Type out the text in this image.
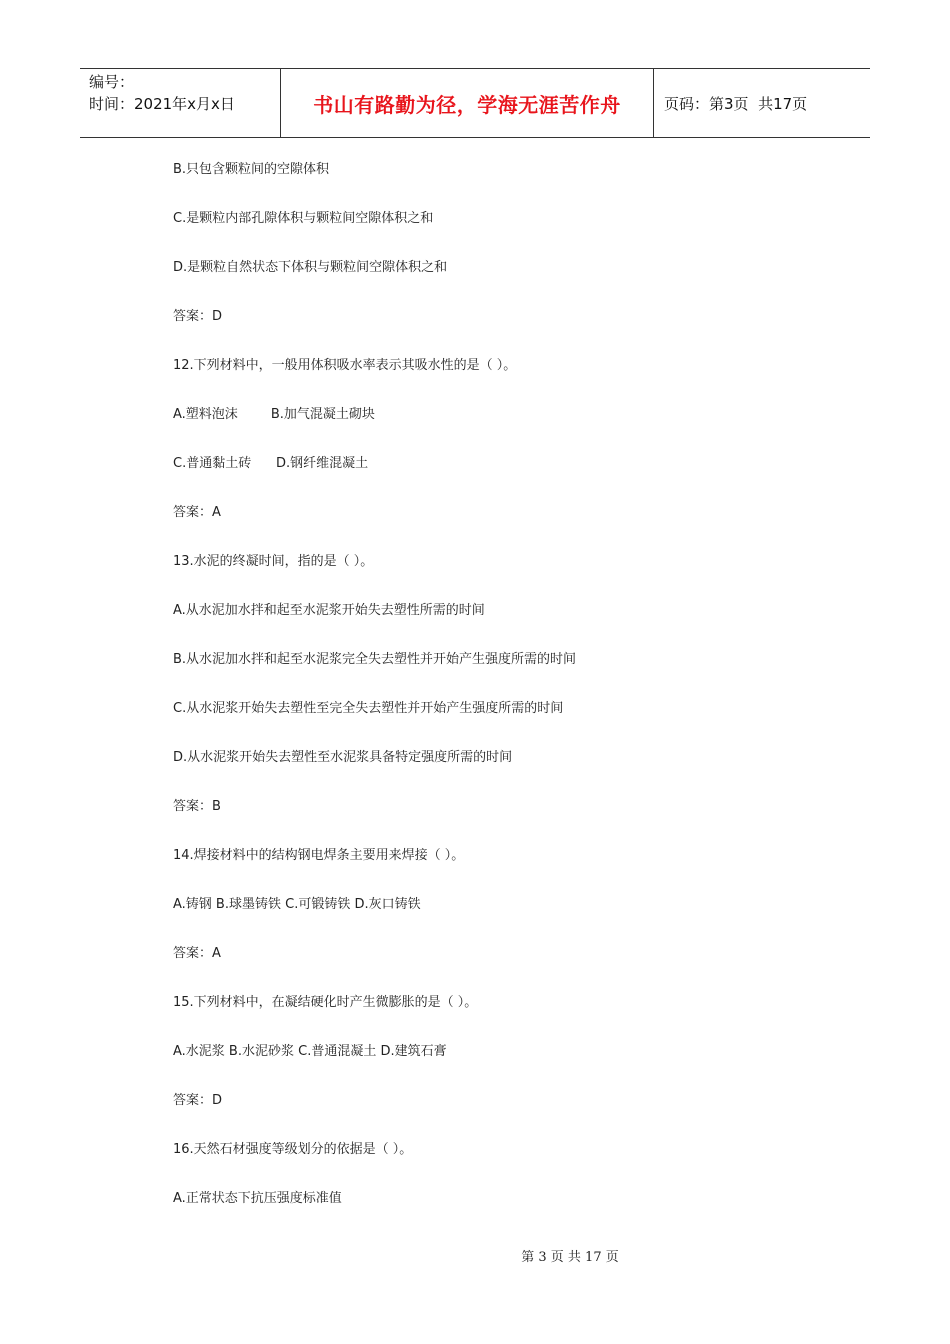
编号：
时间：2021年x月x日	书山有路勤为径，学海无涯苦作舟	页码：第3页  共17页
B.只包含颗粒间的空隙体积
C.是颗粒内部孔隙体积与颗粒间空隙体积之和
D.是颗粒自然状态下体积与颗粒间空隙体积之和
答案：D
12.下列材料中，一般用体积吸水率表示其吸水性的是（ ）。
A.塑料泡沫        B.加气混凝土砌块
C.普通黏土砖      D.钢纤维混凝土
答案：A
13.水泥的终凝时间，指的是（ ）。
A.从水泥加水拌和起至水泥浆开始失去塑性所需的时间
B.从水泥加水拌和起至水泥浆完全失去塑性并开始产生强度所需的时间
C.从水泥浆开始失去塑性至完全失去塑性并开始产生强度所需的时间
D.从水泥浆开始失去塑性至水泥浆具备特定强度所需的时间
答案：B
14.焊接材料中的结构钢电焊条主要用来焊接（ ）。
A.铸钢 B.球墨铸铁 C.可锻铸铁 D.灰口铸铁
答案：A
15.下列材料中，在凝结硬化时产生微膨胀的是（ ）。
A.水泥浆 B.水泥砂浆 C.普通混凝土 D.建筑石膏
答案：D
16.天然石材强度等级划分的依据是（ ）。
A.正常状态下抗压强度标准值
第 3 页 共 17 页
